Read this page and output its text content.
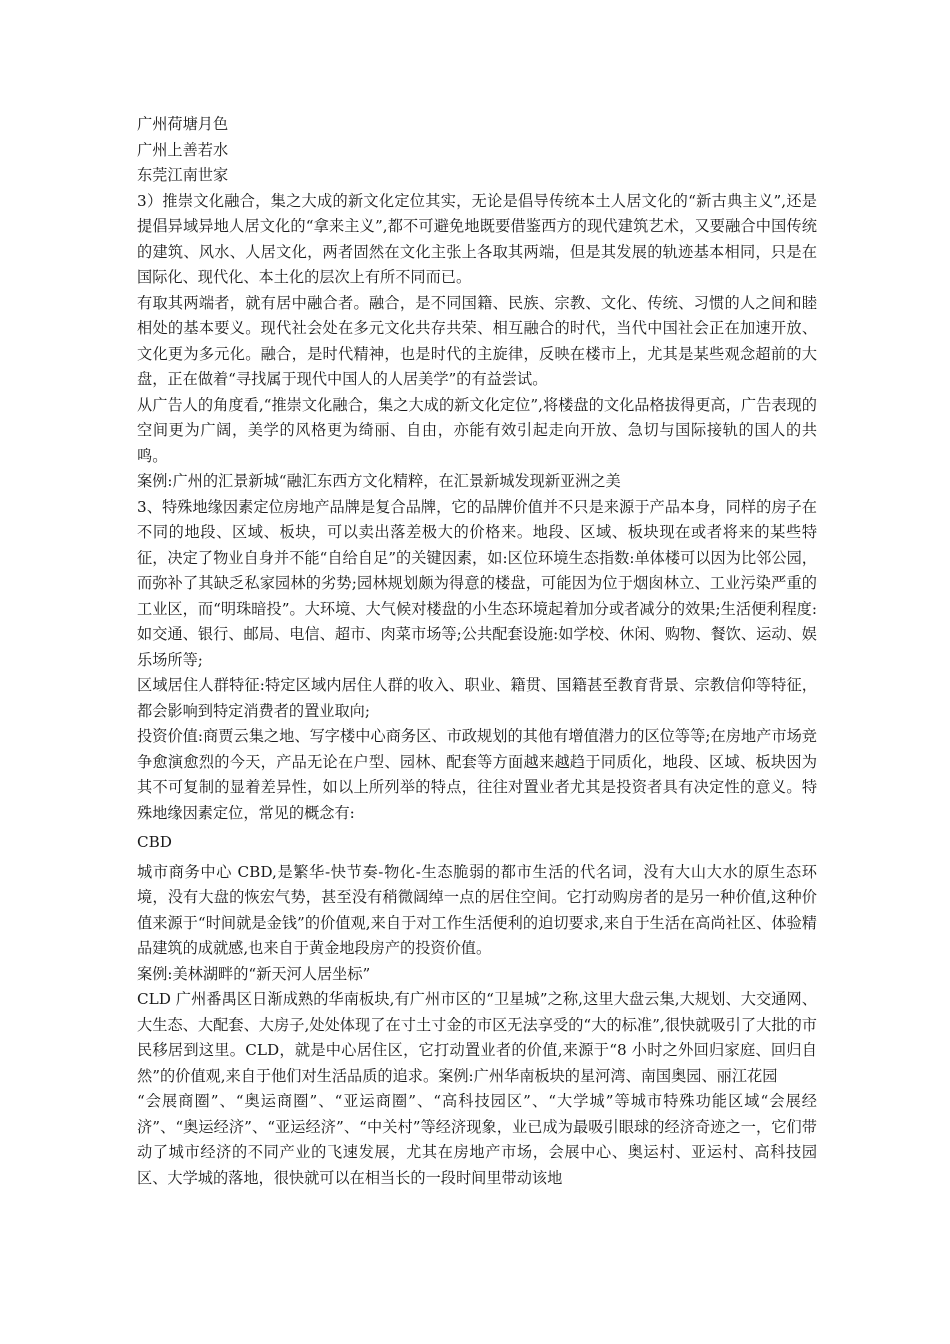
广州荷塘月色

广州上善若水

东莞江南世家

3）推崇文化融合，集之大成的新文化定位其实，无论是倡导传统本土人居文化的“新古典主义”,还是提倡异域异地人居文化的“拿来主义”,都不可避免地既要借鉴西方的现代建筑艺术，又要融合中国传统的建筑、风水、人居文化，两者固然在文化主张上各取其两端，但是其发展的轨迹基本相同，只是在国际化、现代化、本土化的层次上有所不同而已。

有取其两端者，就有居中融合者。融合，是不同国籍、民族、宗教、文化、传统、习惯的人之间和睦相处的基本要义。现代社会处在多元文化共存共荣、相互融合的时代，当代中国社会正在加速开放、文化更为多元化。融合，是时代精神，也是时代的主旋律，反映在楼市上，尤其是某些观念超前的大盘，正在做着“寻找属于现代中国人的人居美学”的有益尝试。

从广告人的角度看,“推崇文化融合，集之大成的新文化定位”,将楼盘的文化品格拔得更高，广告表现的空间更为广阔，美学的风格更为绮丽、自由，亦能有效引起走向开放、急切与国际接轨的国人的共鸣。

案例:广州的汇景新城“融汇东西方文化精粹，在汇景新城发现新亚洲之美

3、特殊地缘因素定位房地产品牌是复合品牌，它的品牌价值并不只是来源于产品本身，同样的房子在不同的地段、区域、板块，可以卖出落差极大的价格来。地段、区域、板块现在或者将来的某些特征，决定了物业自身并不能“自给自足”的关键因素，如:区位环境生态指数:单体楼可以因为比邻公园，而弥补了其缺乏私家园林的劣势;园林规划颇为得意的楼盘，可能因为位于烟囱林立、工业污染严重的工业区，而“明珠暗投”。大环境、大气候对楼盘的小生态环境起着加分或者减分的效果;生活便利程度:如交通、银行、邮局、电信、超市、肉菜市场等;公共配套设施:如学校、休闲、购物、餐饮、运动、娱乐场所等;

区域居住人群特征:特定区域内居住人群的收入、职业、籍贯、国籍甚至教育背景、宗教信仰等特征，都会影响到特定消费者的置业取向;

投资价值:商贾云集之地、写字楼中心商务区、市政规划的其他有增值潜力的区位等等;在房地产市场竞争愈演愈烈的今天，产品无论在户型、园林、配套等方面越来越趋于同质化，地段、区域、板块因为其不可复制的显着差异性，如以上所列举的特点，往往对置业者尤其是投资者具有决定性的意义。特殊地缘因素定位，常见的概念有:

CBD

城市商务中心 CBD,是繁华-快节奏-物化-生态脆弱的都市生活的代名词，没有大山大水的原生态环境，没有大盘的恢宏气势，甚至没有稍微阔绰一点的居住空间。它打动购房者的是另一种价值,这种价值来源于“时间就是金钱”的价值观,来自于对工作生活便利的迫切要求,来自于生活在高尚社区、体验精品建筑的成就感,也来自于黄金地段房产的投资价值。

案例:美林湖畔的“新天河人居坐标”

CLD 广州番禺区日渐成熟的华南板块,有广州市区的“卫星城”之称,这里大盘云集,大规划、大交通网、大生态、大配套、大房子,处处体现了在寸土寸金的市区无法享受的“大的标准”,很快就吸引了大批的市民移居到这里。CLD，就是中心居住区，它打动置业者的价值,来源于“8 小时之外回归家庭、回归自然”的价值观,来自于他们对生活品质的追求。案例:广州华南板块的星河湾、南国奥园、丽江花园

“会展商圈”、“奥运商圈”、“亚运商圈”、“高科技园区”、“大学城”等城市特殊功能区域“会展经济”、“奥运经济”、“亚运经济”、“中关村”等经济现象，业已成为最吸引眼球的经济奇迹之一，它们带动了城市经济的不同产业的飞速发展，尤其在房地产市场，会展中心、奥运村、亚运村、高科技园区、大学城的落地，很快就可以在相当长的一段时间里带动该地
